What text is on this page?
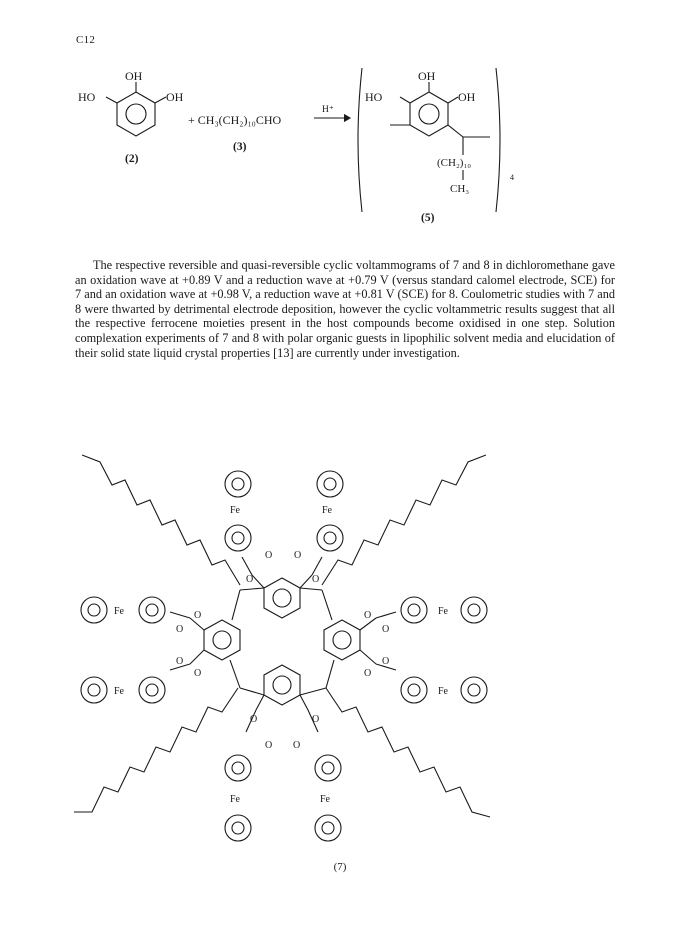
C12
OH
OH
HO
(2)
+ CH₃(CH₂)₁₀CHO
(3)
H⁺
OH
OH
HO
(CH₂)₁₀
CH₃
4
(5)

The respective reversible and quasi-reversible cyclic voltammograms of 7 and 8 in dichloromethane gave an oxidation wave at +0.89 V and a reduction wave at +0.79 V (versus standard calomel electrode, SCE) for 7 and an oxidation wave at +0.98 V, a reduction wave at +0.81 V (SCE) for 8. Coulometric studies with 7 and 8 were thwarted by detrimental electrode deposition, however the cyclic voltammetric results suggest that all the respective ferrocene moieties present in the host compounds become oxidised in one step. Solution complexation experiments of 7 and 8 with polar organic guests in lipophilic solvent media and elucidation of their solid state liquid crystal properties [13] are currently under investigation.

O	O
O O
O	O
O O
O
O
O
O
O
O
O
O
Fe	Fe
Fe	Fe
Fe
Fe
Fe
Fe
(7)
